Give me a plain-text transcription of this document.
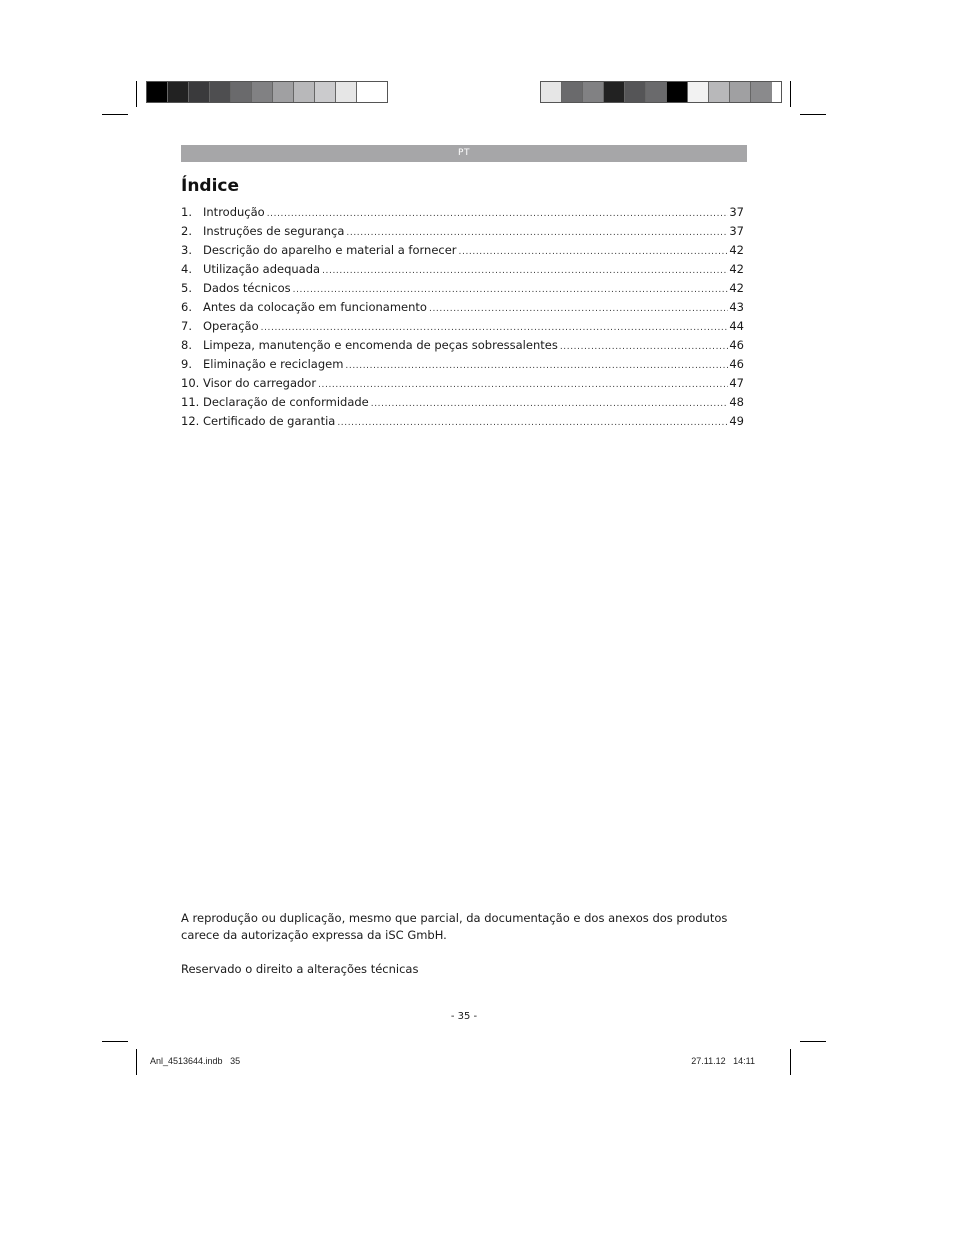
PT
Índice
1. Introdução .....	37
2. Instruções de segurança .....	37
3. Descrição do aparelho e material a fornecer .....	42
4. Utilização adequada .....	42
5. Dados técnicos .....	42
6. Antes da colocação em funcionamento .....	43
7. Operação .....	44
8. Limpeza, manutenção e encomenda de peças sobressalentes .....	46
9. Eliminação e reciclagem .....	46
10. Visor do carregador .....	47
11. Declaração de conformidade .....	48
12. Certificado de garantia .....	49

A reprodução ou duplicação, mesmo que parcial, da documentação e dos anexos dos produtos carece da autorização expressa da iSC GmbH.

Reservado o direito a alterações técnicas

- 35 -
Anl_4513644.indb   35	27.11.12   14:11
